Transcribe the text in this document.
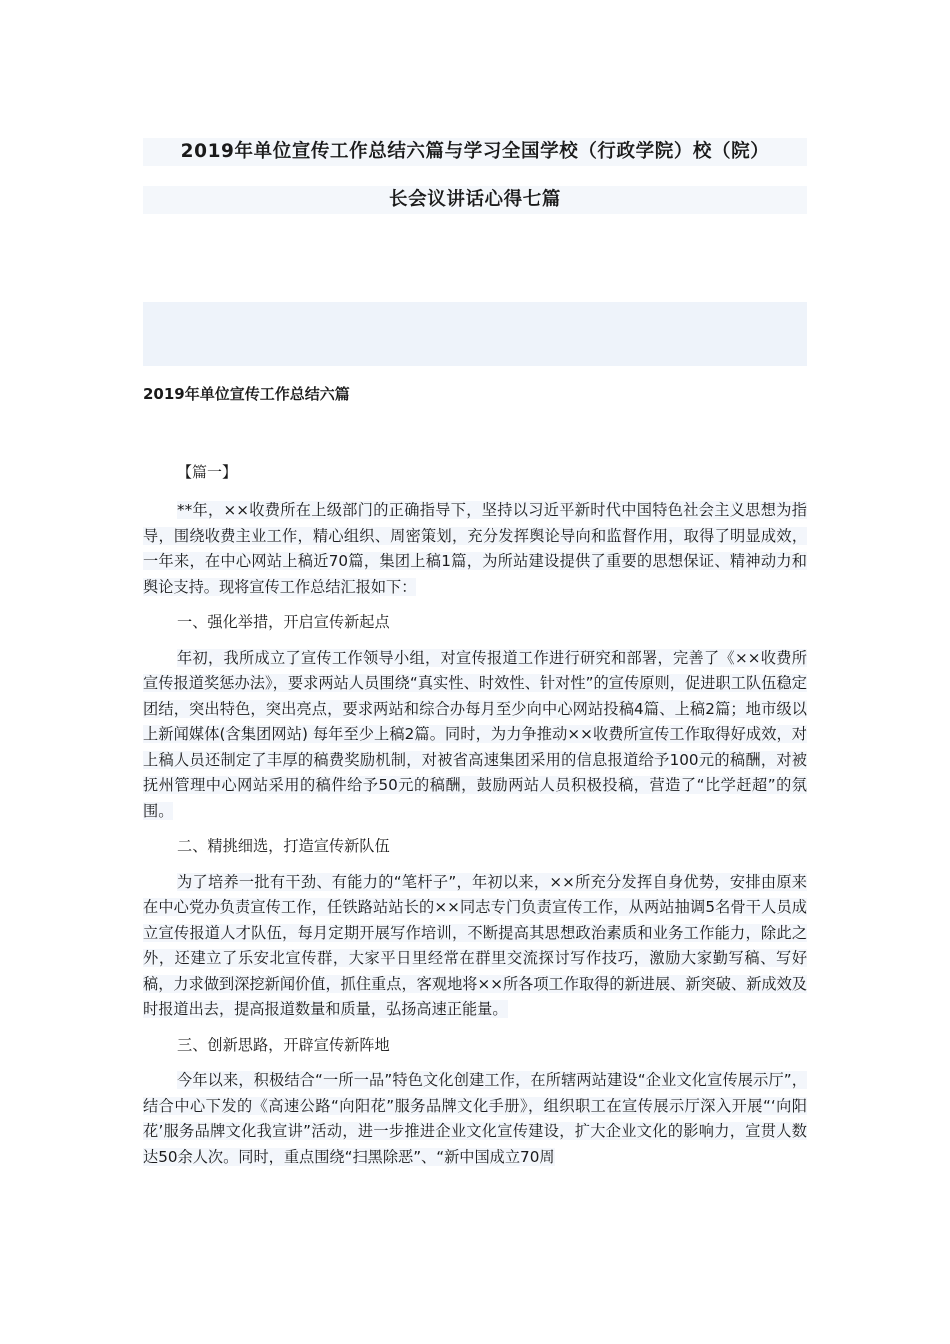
2019年单位宣传工作总结六篇与学习全国学校（行政学院）校（院）
长会议讲话心得七篇
2019年单位宣传工作总结六篇
【篇一】

**年，××收费所在上级部门的正确指导下，坚持以习近平新时代中国特色社会主义思想为指导，围绕收费主业工作，精心组织、周密策划，充分发挥舆论导向和监督作用，取得了明显成效，一年来，在中心网站上稿近70篇，集团上稿1篇，为所站建设提供了重要的思想保证、精神动力和舆论支持。现将宣传工作总结汇报如下：

一、强化举措，开启宣传新起点

年初，我所成立了宣传工作领导小组，对宣传报道工作进行研究和部署，完善了《××收费所宣传报道奖惩办法》，要求两站人员围绕“真实性、时效性、针对性”的宣传原则，促进职工队伍稳定团结，突出特色，突出亮点，要求两站和综合办每月至少向中心网站投稿4篇、上稿2篇；地市级以上新闻媒体(含集团网站) 每年至少上稿2篇。同时，为力争推动××收费所宣传工作取得好成效，对上稿人员还制定了丰厚的稿费奖励机制，对被省高速集团采用的信息报道给予100元的稿酬，对被抚州管理中心网站采用的稿件给予50元的稿酬，鼓励两站人员积极投稿，营造了“比学赶超”的氛围。

二、精挑细选，打造宣传新队伍

为了培养一批有干劲、有能力的“笔杆子”，年初以来，××所充分发挥自身优势，安排由原来在中心党办负责宣传工作，任铁路站站长的××同志专门负责宣传工作，从两站抽调5名骨干人员成立宣传报道人才队伍，每月定期开展写作培训，不断提高其思想政治素质和业务工作能力，除此之外，还建立了乐安北宣传群，大家平日里经常在群里交流探讨写作技巧，激励大家勤写稿、写好稿，力求做到深挖新闻价值，抓住重点，客观地将××所各项工作取得的新进展、新突破、新成效及时报道出去，提高报道数量和质量，弘扬高速正能量。

三、创新思路，开辟宣传新阵地

今年以来，积极结合“一所一品”特色文化创建工作，在所辖两站建设“企业文化宣传展示厅”，结合中心下发的《高速公路“向阳花”服务品牌文化手册》，组织职工在宣传展示厅深入开展“‘向阳花’服务品牌文化我宣讲”活动，进一步推进企业文化宣传建设，扩大企业文化的影响力，宣贯人数达50余人次。同时，重点围绕“扫黑除恶”、“新中国成立70周
